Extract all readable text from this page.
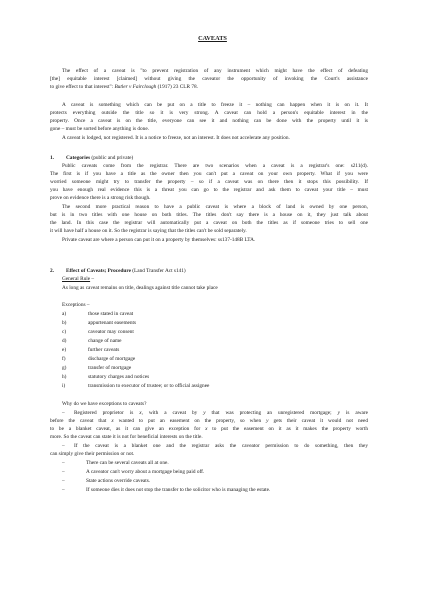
CAVEATS
The effect of a caveat is "to prevent registration of any instrument which might have the effect of defeating
[the] equitable interest [claimed] without giving the caveator the opportunity of invoking the Court's assistance
to give effect to that interest": Butler v Fairclough (1917) 23 CLR 78.
A caveat is something which can be put on a title to freeze it – nothing can happen when it is on it. It
protects everything outside the title so it is very strong. A caveat can hold a person's equitable interest in the
property. Once a caveat is on the title, everyone can see it and nothing can be done with the property until it is
gone – must be sorted before anything is done.
A caveat is lodged, not registered. It is a notice to freeze, not an interest. It does not accelerate any position.
1. Categories (public and private)
Public caveats come from the registrar. There are two scenarios when a caveat is a registrar's one: s211(d).
The first is if you have a title as the owner then you can't put a caveat on your own property. What if you were
worried someone might try to transfer the property – so if a caveat was on there then it stops this possibility. If
you have enough real evidence this is a threat you can go to the registrar and ask them to caveat your title – must
prove on evidence there is a strong risk though.
The second more practical reason to have a public caveat is where a block of land is owned by one person,
but is in two titles with one house on both titles. The titles don't say there is a house on it, they just talk about
the land. In this case the registrar will automatically put a caveat on both the titles as if someone tries to sell one
it will have half a house on it. So the registrar is saying that the titles can't be sold separately.
Private caveat are where a person can put it on a property by themselves: ss137-148B LTA.
2. Effect of Caveats; Procedure (Land Transfer Act s141)
General Rule –
As long as caveat remains on title, dealings against title cannot take place
Exceptions –
a)	those stated in caveat
b)	appurtenant easements
c)	caveator may consent
d)	change of name
e)	further caveats
f)	discharge of mortgage
g)	transfer of mortgage
h)	statutory charges and notices
i)	transmission to executor of trustee; or to official assignee
Why do we have exceptions to caveats?
– Registered proprietor is x, with a caveat by y that was protecting an unregistered mortgage; y is aware
before the caveat that x wanted to put an easement on the property, so when y gets their caveat it would not need
to be a blanket caveat, as it can give an exception for x to put the easement on it as it makes the property worth
more. So the caveat can state it is not for beneficial interests on the title.
– If the caveat is a blanket one and the registrar asks the caveator permission to do something, then they
can simply give their permission or not.
–	There can be several caveats all at one.
–	A caveator can't worry about a mortgage being paid off.
–	State actions override caveats.
–	If someone dies it does not stop the transfer to the solicitor who is managing the estate.
